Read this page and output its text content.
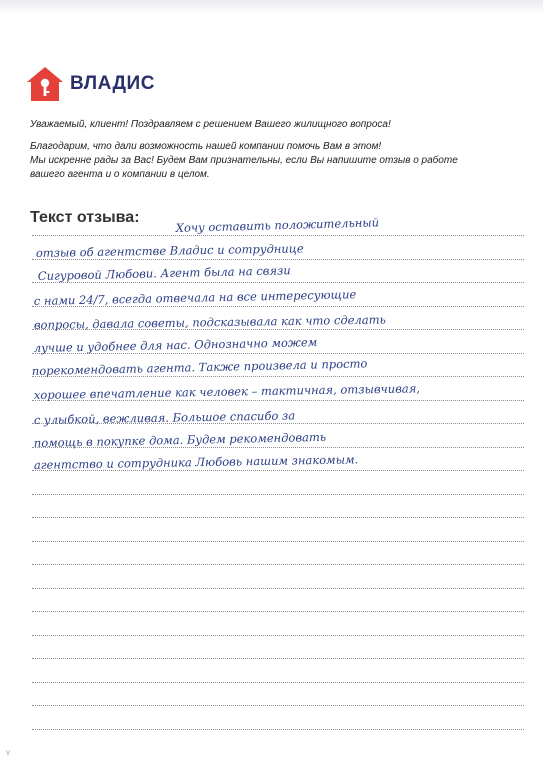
ВЛАДИС

Уважаемый, клиент! Поздравляем с решением Вашего жилищного вопроса!

Благодарим, что дали возможность нашей компании помочь Вам в этом!

Мы искренне рады за Вас! Будем Вам признательны, если Вы напишите отзыв о работе

вашего агента и о компании в целом.

Текст отзыва:	Хочу оставить положительный

отзыв об агентстве Владис и сотруднице

Сигуровой Любови. Агент была на связи

с нами 24/7, всегда отвечала на все интересующие

вопросы, давала советы, подсказывала как что сделать

лучше и удобнее для нас. Однозначно можем

порекомендовать агента. Также произвела и просто

хорошее впечатление как человек – тактичная, отзывчивая,

с улыбкой, вежливая. Большое спасибо за

помощь в покупке дома. Будем рекомендовать

агентство и сотрудника Любовь нашим знакомым.

v
